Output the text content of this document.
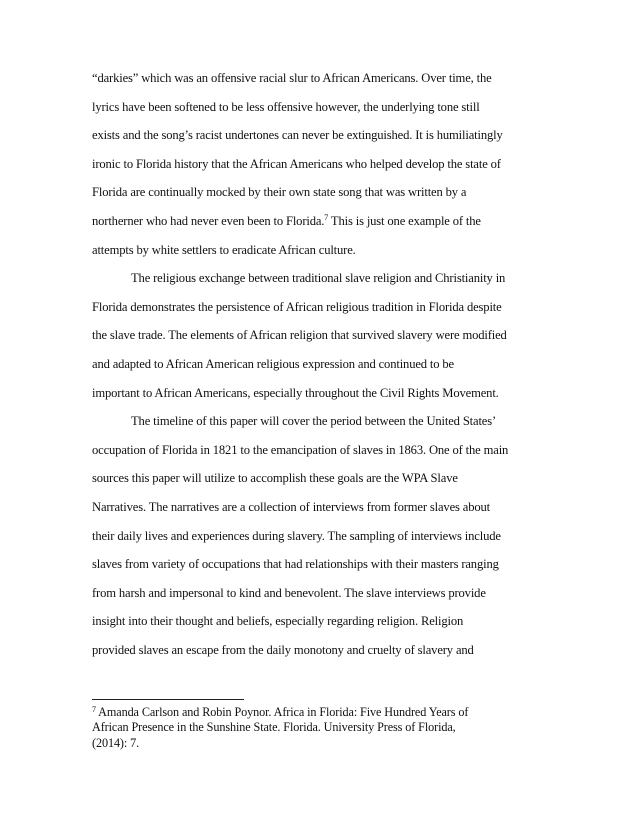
“darkies” which was an offensive racial slur to African Americans. Over time, the
lyrics have been softened to be less offensive however, the underlying tone still
exists and the song’s racist undertones can never be extinguished. It is humiliatingly
ironic to Florida history that the African Americans who helped develop the state of
Florida are continually mocked by their own state song that was written by a
northerner who had never even been to Florida.$^7$ This is just one example of the
attempts by white settlers to eradicate African culture.
The religious exchange between traditional slave religion and Christianity in
Florida demonstrates the persistence of African religious tradition in Florida despite
the slave trade. The elements of African religion that survived slavery were modified
and adapted to African American religious expression and continued to be
important to African Americans, especially throughout the Civil Rights Movement.
The timeline of this paper will cover the period between the United States’
occupation of Florida in 1821 to the emancipation of slaves in 1863. One of the main
sources this paper will utilize to accomplish these goals are the WPA Slave
Narratives. The narratives are a collection of interviews from former slaves about
their daily lives and experiences during slavery. The sampling of interviews include
slaves from variety of occupations that had relationships with their masters ranging
from harsh and impersonal to kind and benevolent. The slave interviews provide
insight into their thought and beliefs, especially regarding religion. Religion
provided slaves an escape from the daily monotony and cruelty of slavery and
$^7$ Amanda Carlson and Robin Poynor. Africa in Florida: Five Hundred Years of
African Presence in the Sunshine State. Florida. University Press of Florida,
(2014): 7.
